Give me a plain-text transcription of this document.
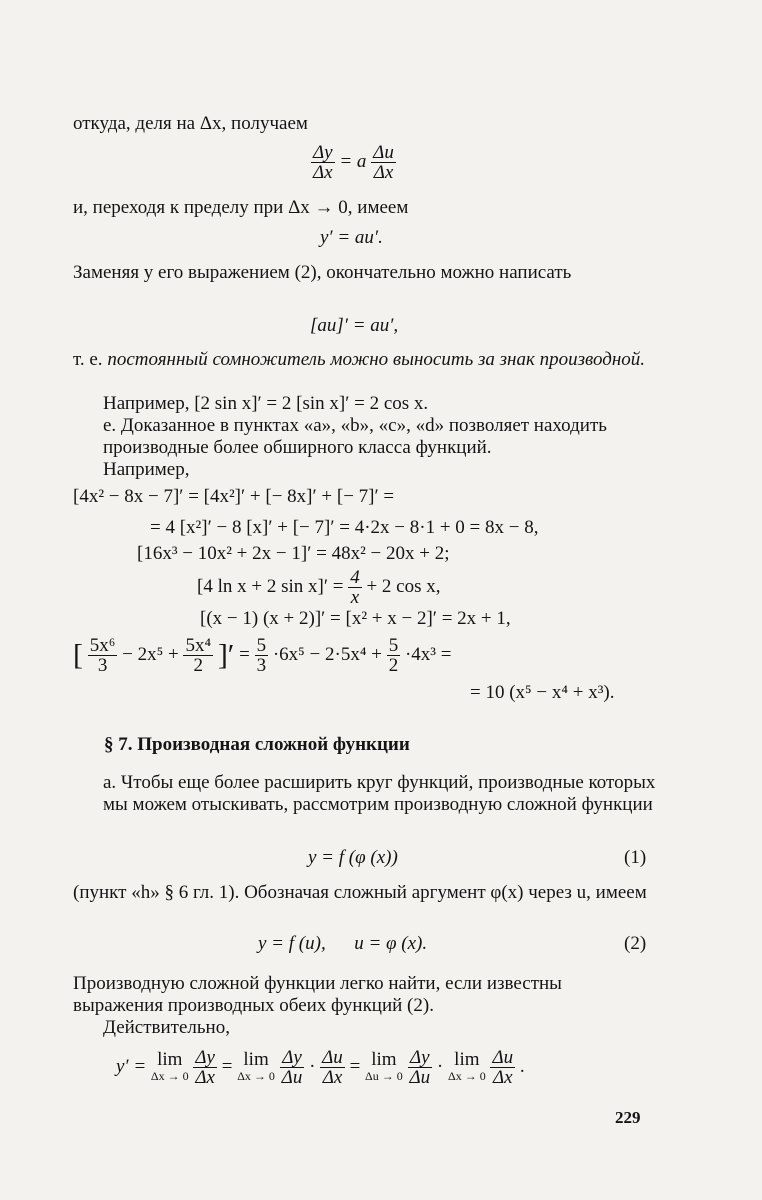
откуда, деля на Δx, получаем
$\frac{\Delta y}{\Delta x} = a \frac{\Delta u}{\Delta x}$
и, переходя к пределу при Δx → 0, имеем
y′ = au′.
Заменяя y его выражением (2), окончательно можно написать
[au]′ = au′,
т. е. постоянный сомножитель можно выносить за знак производной.
Например, [2 sin x]′ = 2 [sin x]′ = 2 cos x.
е. Доказанное в пунктах «a», «b», «c», «d» позволяет находить производные более обширного класса функций.
Например,
[4x² − 8x − 7]′ = [4x²]′ + [− 8x]′ + [− 7]′ =
= 4 [x²]′ − 8 [x]′ + [− 7]′ = 4·2x − 8·1 + 0 = 8x − 8,
[16x³ − 10x² + 2x − 1]′ = 48x² − 20x + 2;
[4 ln x + 2 $\sin x]' = \frac{4}{x} + 2$ cos x,
[(x − 1) (x + 2)]′ = [x² + x − 2]′ = 2x + 1,
[ $\frac{\text{5x⁶}}{3} - 2x^5 + \frac{\text{5x⁴}}{2}$ ]′ = $\frac{5}{3} \cdot 6x^5 - 2\cdot 5x^4 + \frac{5}{2} \cdot 4x^3$ =
= 10 (x⁵ − x⁴ + x³).
§ 7. Производная сложной функции
а. Чтобы еще более расширить круг функций, производные которых мы можем отыскивать, рассмотрим производную сложной функции
y = f (φ (x))	(1)
(пункт «h» § 6 гл. 1). Обозначая сложный аргумент φ(x) через u, имеем
y = f (u),      u = φ (x).	(2)
Производную сложной функции легко найти, если известны выражения производных обеих функций (2).
Действительно,
y′ = lim
Δx → 0
$\frac{\Delta y}{\Delta x} = \lim$
Δx → 0
$\frac{\Delta y}{\Delta u} \cdot \frac{\Delta u}{\Delta x} = \lim$
Δu → 0
$\frac{\Delta y}{\Delta u} \cdot \lim$
Δx → 0
$\frac{\Delta u}{\Delta x}$ .
229
